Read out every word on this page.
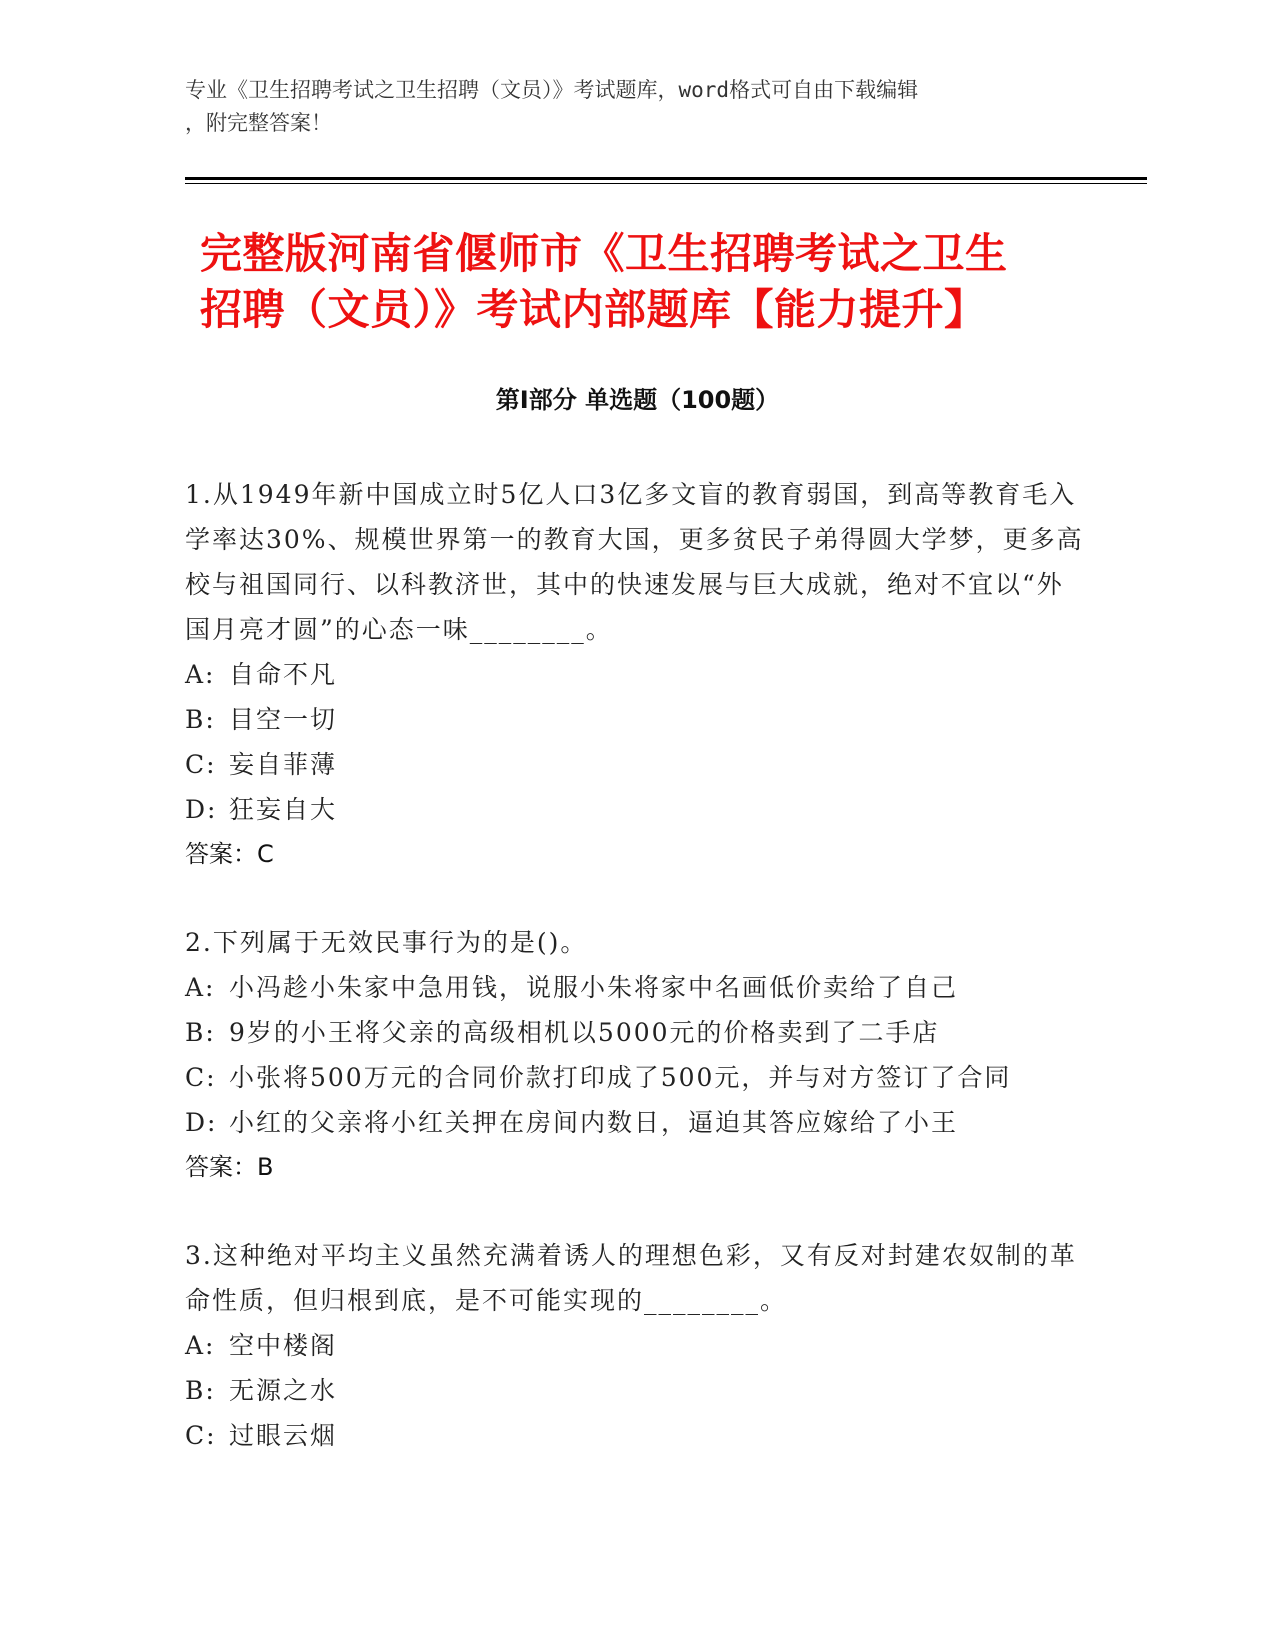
专业《卫生招聘考试之卫生招聘（文员）》考试题库，word格式可自由下载编辑
，附完整答案！
完整版河南省偃师市《卫生招聘考试之卫生
招聘（文员）》考试内部题库【能力提升】
第Ⅰ部分 单选题（100题）
1.从1949年新中国成立时5亿人口3亿多文盲的教育弱国，到高等教育毛入学率达30%、规模世界第一的教育大国，更多贫民子弟得圆大学梦，更多高校与祖国同行、以科教济世，其中的快速发展与巨大成就，绝对不宜以“外国月亮才圆”的心态一味________。
A: 自命不凡
B: 目空一切
C: 妄自菲薄
D: 狂妄自大
答案：C
2.下列属于无效民事行为的是()。
A: 小冯趁小朱家中急用钱，说服小朱将家中名画低价卖给了自己
B: 9岁的小王将父亲的高级相机以5000元的价格卖到了二手店
C: 小张将500万元的合同价款打印成了500元，并与对方签订了合同
D: 小红的父亲将小红关押在房间内数日，逼迫其答应嫁给了小王
答案：B
3.这种绝对平均主义虽然充满着诱人的理想色彩，又有反对封建农奴制的革命性质，但归根到底，是不可能实现的________。
A: 空中楼阁
B: 无源之水
C: 过眼云烟
